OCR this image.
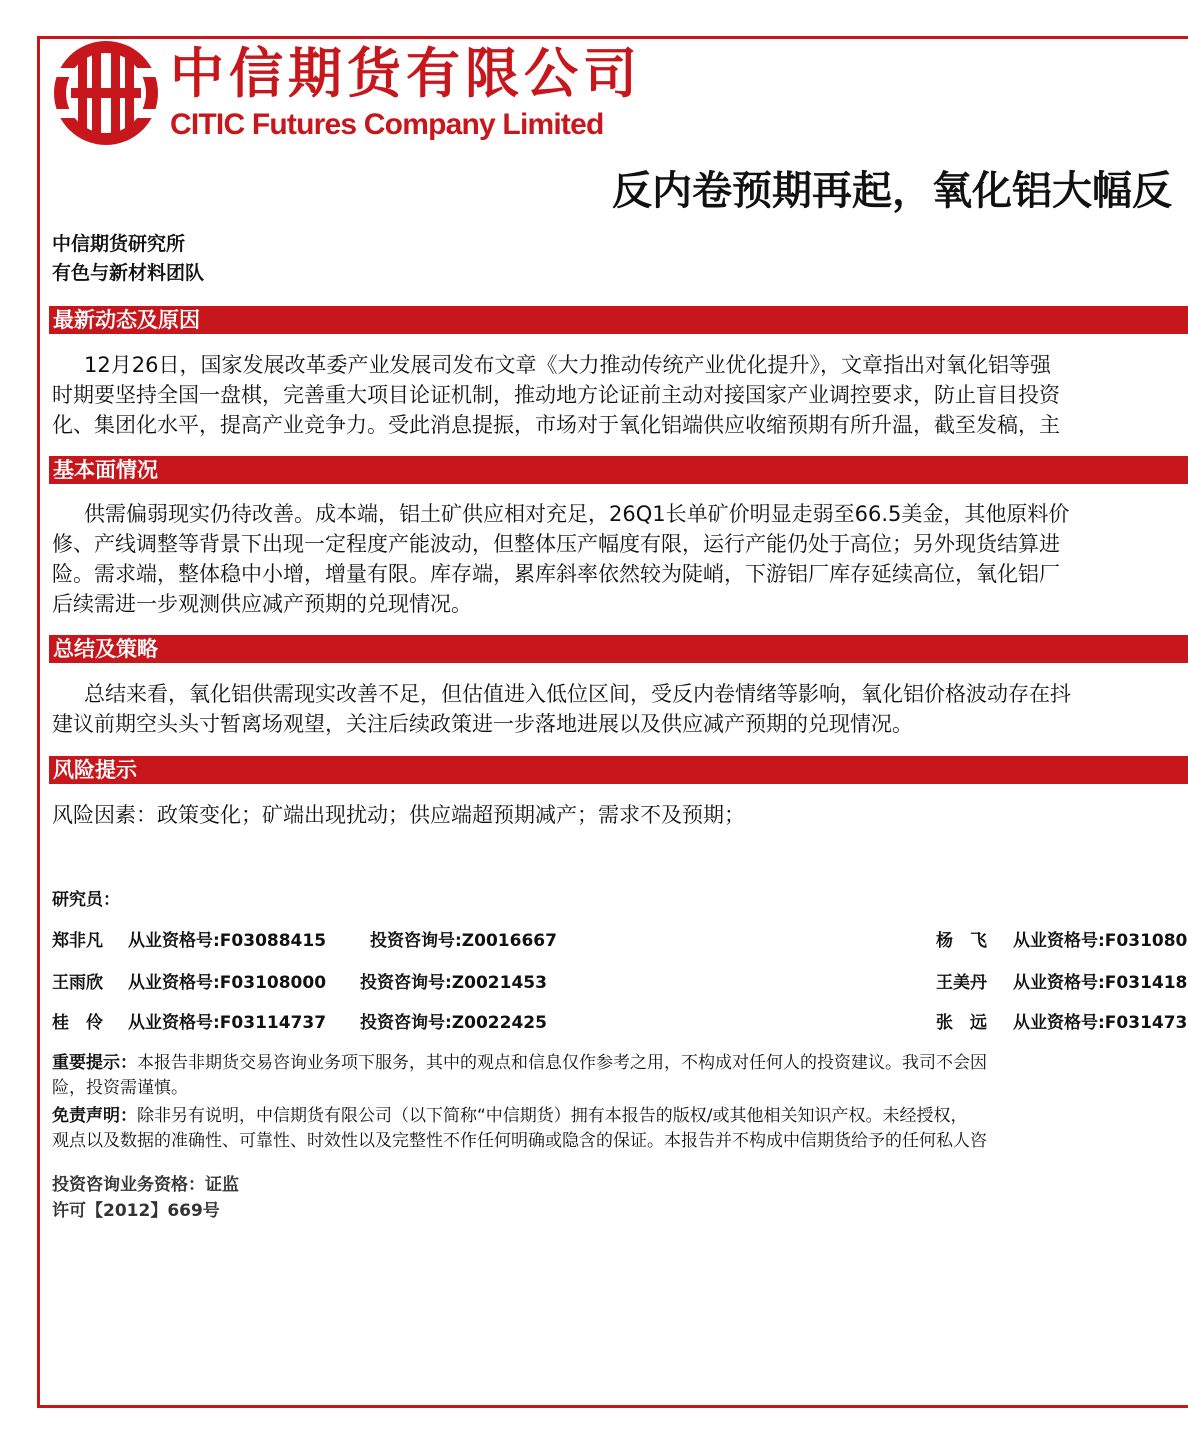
中信期货有限公司
CITIC Futures Company Limited
反内卷预期再起，氧化铝大幅反
中信期货研究所
有色与新材料团队
最新动态及原因
12月26日，国家发展改革委产业发展司发布文章《大力推动传统产业优化提升》，文章指出对氧化铝等强
时期要坚持全国一盘棋，完善重大项目论证机制，推动地方论证前主动对接国家产业调控要求，防止盲目投资
化、集团化水平，提高产业竞争力。受此消息提振，市场对于氧化铝端供应收缩预期有所升温，截至发稿，主
基本面情况
供需偏弱现实仍待改善。成本端，铝土矿供应相对充足，26Q1长单矿价明显走弱至66.5美金，其他原料价
修、产线调整等背景下出现一定程度产能波动，但整体压产幅度有限，运行产能仍处于高位；另外现货结算进
险。需求端，整体稳中小增，增量有限。库存端，累库斜率依然较为陡峭，下游铝厂库存延续高位，氧化铝厂
后续需进一步观测供应减产预期的兑现情况。
总结及策略
总结来看，氧化铝供需现实改善不足，但估值进入低位区间，受反内卷情绪等影响，氧化铝价格波动存在抖
建议前期空头头寸暂离场观望，关注后续政策进一步落地进展以及供应减产预期的兑现情况。
风险提示
风险因素：政策变化；矿端出现扰动；供应端超预期减产；需求不及预期；
研究员：
郑非凡 从业资格号:F03088415	投资咨询号:Z0016667	杨　飞 从业资格号:F031080
王雨欣 从业资格号:F03108000 投资咨询号:Z0021453	王美丹 从业资格号:F031418
桂　伶 从业资格号:F03114737 投资咨询号:Z0022425	张　远 从业资格号:F031473
重要提示：本报告非期货交易咨询业务项下服务，其中的观点和信息仅作参考之用，不构成对任何人的投资建议。我司不会因
险，投资需谨慎。
免责声明：除非另有说明，中信期货有限公司（以下简称“中信期货）拥有本报告的版权/或其他相关知识产权。未经授权，
观点以及数据的准确性、可靠性、时效性以及完整性不作任何明确或隐含的保证。本报告并不构成中信期货给予的任何私人咨
投资咨询业务资格：证监
许可【2012】669号
